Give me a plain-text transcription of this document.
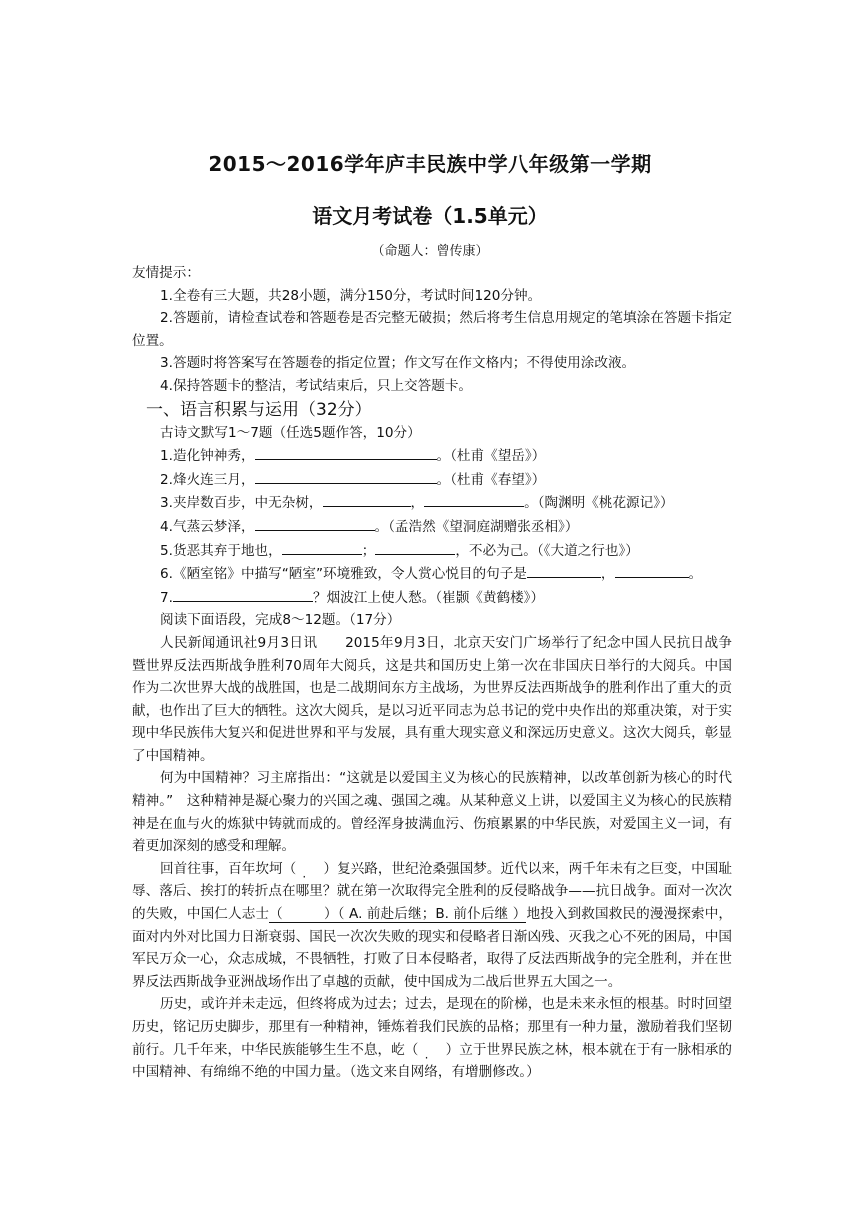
2015～2016学年庐丰民族中学八年级第一学期
语文月考试卷（1.5单元）
（命题人：曾传康）
友情提示：

1.全卷有三大题，共28小题，满分150分，考试时间120分钟。

2.答题前，请检查试卷和答题卷是否完整无破损；然后将考生信息用规定的笔填涂在答题卡指定位置。

3.答题时将答案写在答题卷的指定位置；作文写在作文格内；不得使用涂改液。

4.保持答题卡的整洁，考试结束后，只上交答题卡。

一、语言积累与运用（32分）
古诗文默写1～7题（任选5题作答，10分）
1.造化钟神秀，	。（杜甫《望岳》）
2.烽火连三月，	。（杜甫《春望》）
3.夹岸数百步，中无杂树，	，	。（陶渊明《桃花源记》）
4.气蒸云梦泽，	。（孟浩然《望洞庭湖赠张丞相》）
5.货恶其弃于地也，	；	，不必为己。（《大道之行也》）
6.《陋室铭》中描写“陋室”环境雅致，令人赏心悦目的句子是	，	。
7.	？烟波江上使人愁。（崔颢《黄鹤楼》）
阅读下面语段，完成8～12题。（17分）

人民新闻通讯社9月3日讯　　2015年9月3日，北京天安门广场举行了纪念中国人民抗日战争暨世界反法西斯战争胜利70周年大阅兵，这是共和国历史上第一次在非国庆日举行的大阅兵。中国作为二次世界大战的战胜国，也是二战期间东方主战场，为世界反法西斯战争的胜利作出了重大的贡献，也作出了巨大的牺牲。这次大阅兵，是以习近平同志为总书记的党中央作出的郑重决策，对于实现中华民族伟大复兴和促进世界和平与发展，具有重大现实意义和深远历史意义。这次大阅兵，彰显了中国精神。

何为中国精神？习主席指出：“这就是以爱国主义为核心的民族精神，以改革创新为核心的时代精神。”　这种精神是凝心聚力的兴国之魂、强国之魂。从某种意义上讲，以爱国主义为核心的民族精神是在血与火的炼狱中铸就而成的。曾经浑身披满血污、伤痕累累的中华民族，对爱国主义一词，有着更加深刻的感受和理解。

回首往事，百年坎坷 ·（　　）复兴路，世纪沧桑强国梦。近代以来，两千年未有之巨变，中国耻辱、落后、挨打的转折点在哪里？就在第一次取得完全胜利的反侵略战争——抗日战争。面对一次次的失败，中国仁人志士（　　　）（ A. 前赴后继；B. 前仆后继 ）地投入到救国救民的漫漫探索中，面对内外对比国力日渐衰弱、国民一次次失败的现实和侵略者日渐凶残、灭我之心不死的困局，中国军民万众一心，众志成城，不畏牺牲，打败了日本侵略者，取得了反法西斯战争的完全胜利，并在世界反法西斯战争亚洲战场作出了卓越的贡献，使中国成为二战后世界五大国之一。

历史，或许并未走远，但终将成为过去；过去，是现在的阶梯，也是未来永恒的根基。时时回望历史，铭记历史脚步，那里有一种精神，锤炼着我们民族的品格；那里有一种力量，激励着我们坚韧前行。几千年来，中华民族能够生生不息，屹 ·（　　）立于世界民族之林，根本就在于有一脉相承的中国精神、有绵绵不绝的中国力量。（选文来自网络，有增删修改。）
